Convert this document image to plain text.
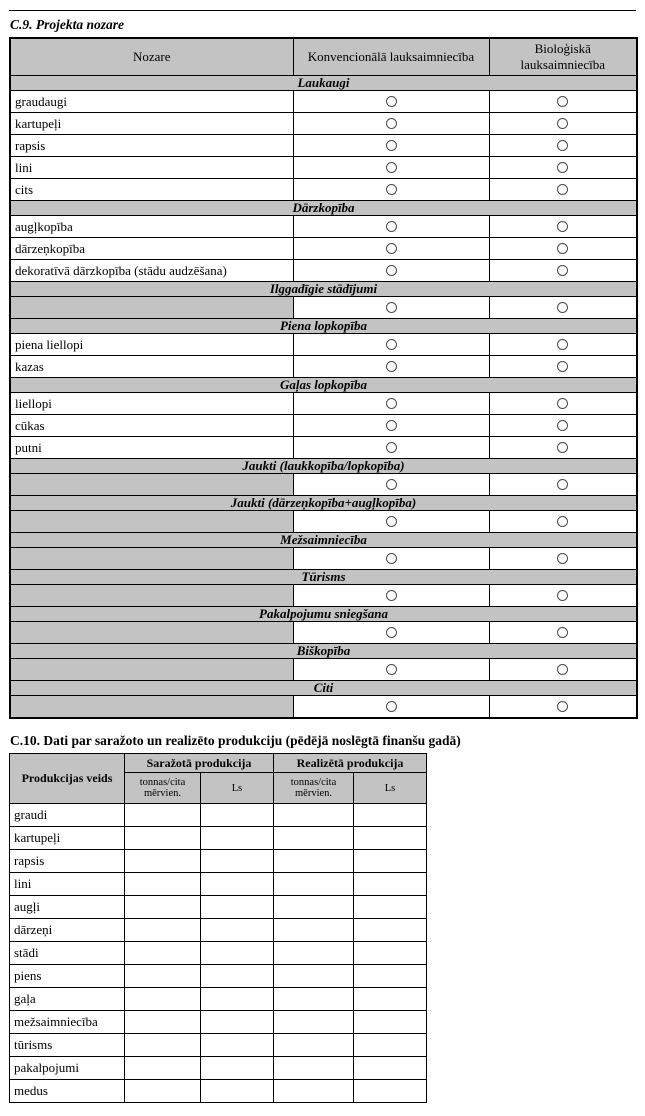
C.9. Projekta nozare
Nozare	Konvencionālā lauksaimniecība	Bioloģiskā lauksaimniecība
Laukaugi		
graudaugi		
kartupeļi		
rapsis		
lini		
cits		
Dārzkopība		
augļkopība		
dārzeņkopība		
dekoratīvā dārzkopība (stādu audzēšana)		
Ilggadīgie stādījumi		

Piena lopkopība		
piena liellopi		
kazas		
Gaļas lopkopība		
liellopi		
cūkas		
putni		
Jaukti (laukkopība/lopkopība)		

Jaukti (dārzeņkopība+augļkopība)		

Mežsaimniecība		

Tūrisms		

Pakalpojumu sniegšana		

Biškopība		

Citi		

C.10. Dati par saražoto un realizēto produkciju (pēdējā noslēgtā finanšu gadā)
Produkcijas veids	Saražotā produkcija		Realizētā produkcija	
	tonnas/cita mērvien.	Ls	tonnas/cita mērvien.	Ls
graudi				
kartupeļi				
rapsis				
lini				
augļi				
dārzeņi				
stādi				
piens				
gaļa				
mežsaimniecība				
tūrisms				
pakalpojumi				
medus				
